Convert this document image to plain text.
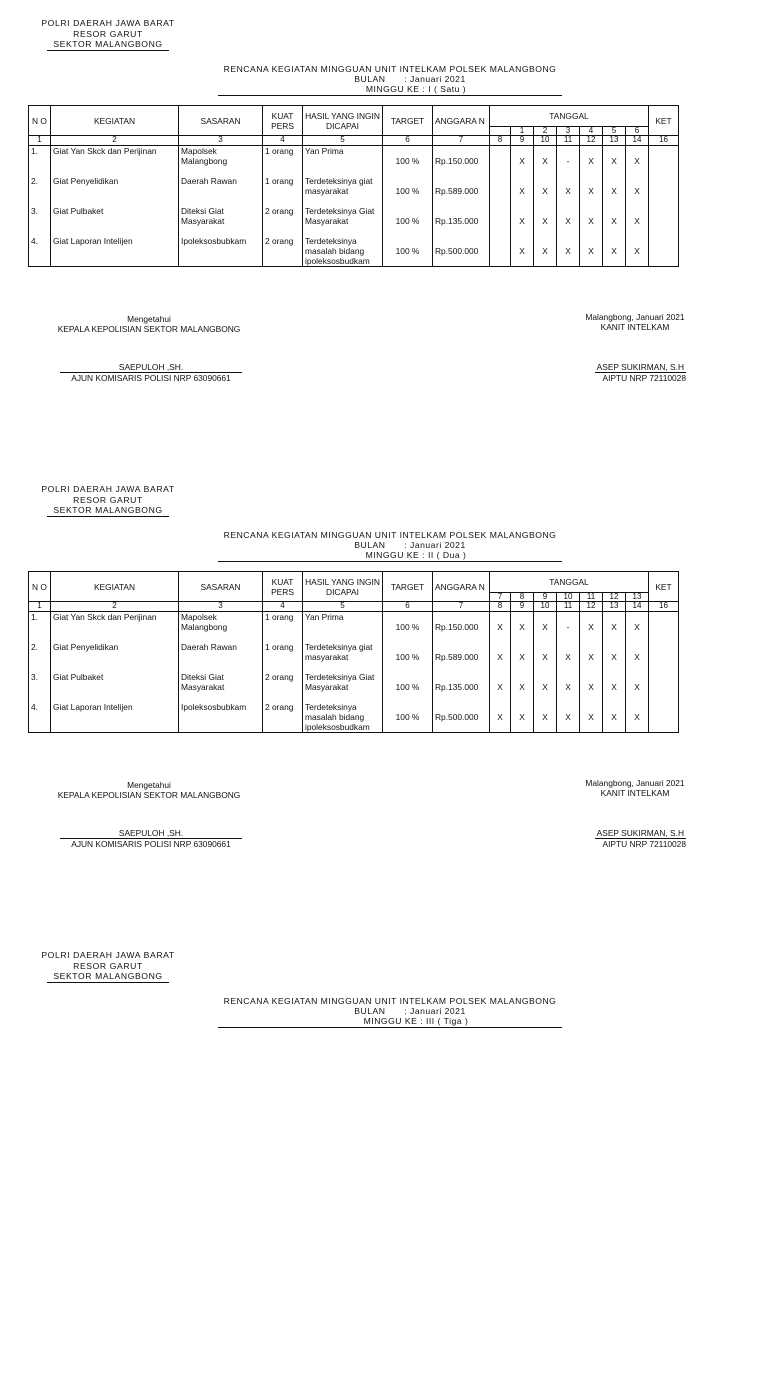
POLRI DAERAH JAWA BARAT
RESOR GARUT
SEKTOR MALANGBONG
RENCANA KEGIATAN MINGGUAN UNIT INTELKAM POLSEK MALANGBONG
BULAN : Januari 2021
MINGGU KE : I ( Satu )
N O	KEGIATAN	SASARAN	KUAT PERS	HASIL YANG INGIN DICAPAI	TARGET	ANGGARA N	TANGGAL							KET
								1	2	3	4	5	6	
1	2	3	4	5	6	7	8	9	10	11	12	13	14	16
1.	Giat Yan Skck dan Perijinan	Mapolsek Malangbong	1 orang	Yan Prima	100 %	Rp.150.000		X	X	-	X	X	X	
2.	Giat Penyelidikan	Daerah Rawan	1 orang	Terdeteksinya giat masyarakat	100 %	Rp.589.000		X	X	X	X	X	X	
3.	Giat Pulbaket	Diteksi Giat Masyarakat	2 orang	Terdeteksinya Giat Masyarakat	100 %	Rp.135.000		X	X	X	X	X	X	
4.	Giat Laporan Intelijen	Ipoleksosbubkam	2 orang	Terdeteksinya masalah bidang ipoleksosbudkam	100 %	Rp.500.000		X	X	X	X	X	X	
Mengetahui
KEPALA KEPOLISIAN SEKTOR MALANGBONG
SAEPULOH ,SH.
AJUN KOMISARIS POLISI NRP 63090661
Malangbong, Januari 2021
KANIT INTELKAM
ASEP SUKIRMAN, S.H
AIPTU NRP 72110028
POLRI DAERAH JAWA BARAT
RESOR GARUT
SEKTOR MALANGBONG
RENCANA KEGIATAN MINGGUAN UNIT INTELKAM POLSEK MALANGBONG
BULAN : Januari 2021
MINGGU KE : II ( Dua )
N O	KEGIATAN	SASARAN	KUAT PERS	HASIL YANG INGIN DICAPAI	TARGET	ANGGARA N	TANGGAL							KET
							7	8	9	10	11	12	13	
1	2	3	4	5	6	7	8	9	10	11	12	13	14	16
1.	Giat Yan Skck dan Perijinan	Mapolsek Malangbong	1 orang	Yan Prima	100 %	Rp.150.000	X	X	X	-	X	X	X	
2.	Giat Penyelidikan	Daerah Rawan	1 orang	Terdeteksinya giat masyarakat	100 %	Rp.589.000	X	X	X	X	X	X	X	
3.	Giat Pulbaket	Diteksi Giat Masyarakat	2 orang	Terdeteksinya Giat Masyarakat	100 %	Rp.135.000	X	X	X	X	X	X	X	
4.	Giat Laporan Intelijen	Ipoleksosbubkam	2 orang	Terdeteksinya masalah bidang ipoleksosbudkam	100 %	Rp.500.000	X	X	X	X	X	X	X	
Mengetahui
KEPALA KEPOLISIAN SEKTOR MALANGBONG
SAEPULOH ,SH.
AJUN KOMISARIS POLISI NRP 63090661
Malangbong, Januari 2021
KANIT INTELKAM
ASEP SUKIRMAN, S.H
AIPTU NRP 72110028
POLRI DAERAH JAWA BARAT
RESOR GARUT
SEKTOR MALANGBONG
RENCANA KEGIATAN MINGGUAN UNIT INTELKAM POLSEK MALANGBONG
BULAN : Januari 2021
MINGGU KE : III ( Tiga )
